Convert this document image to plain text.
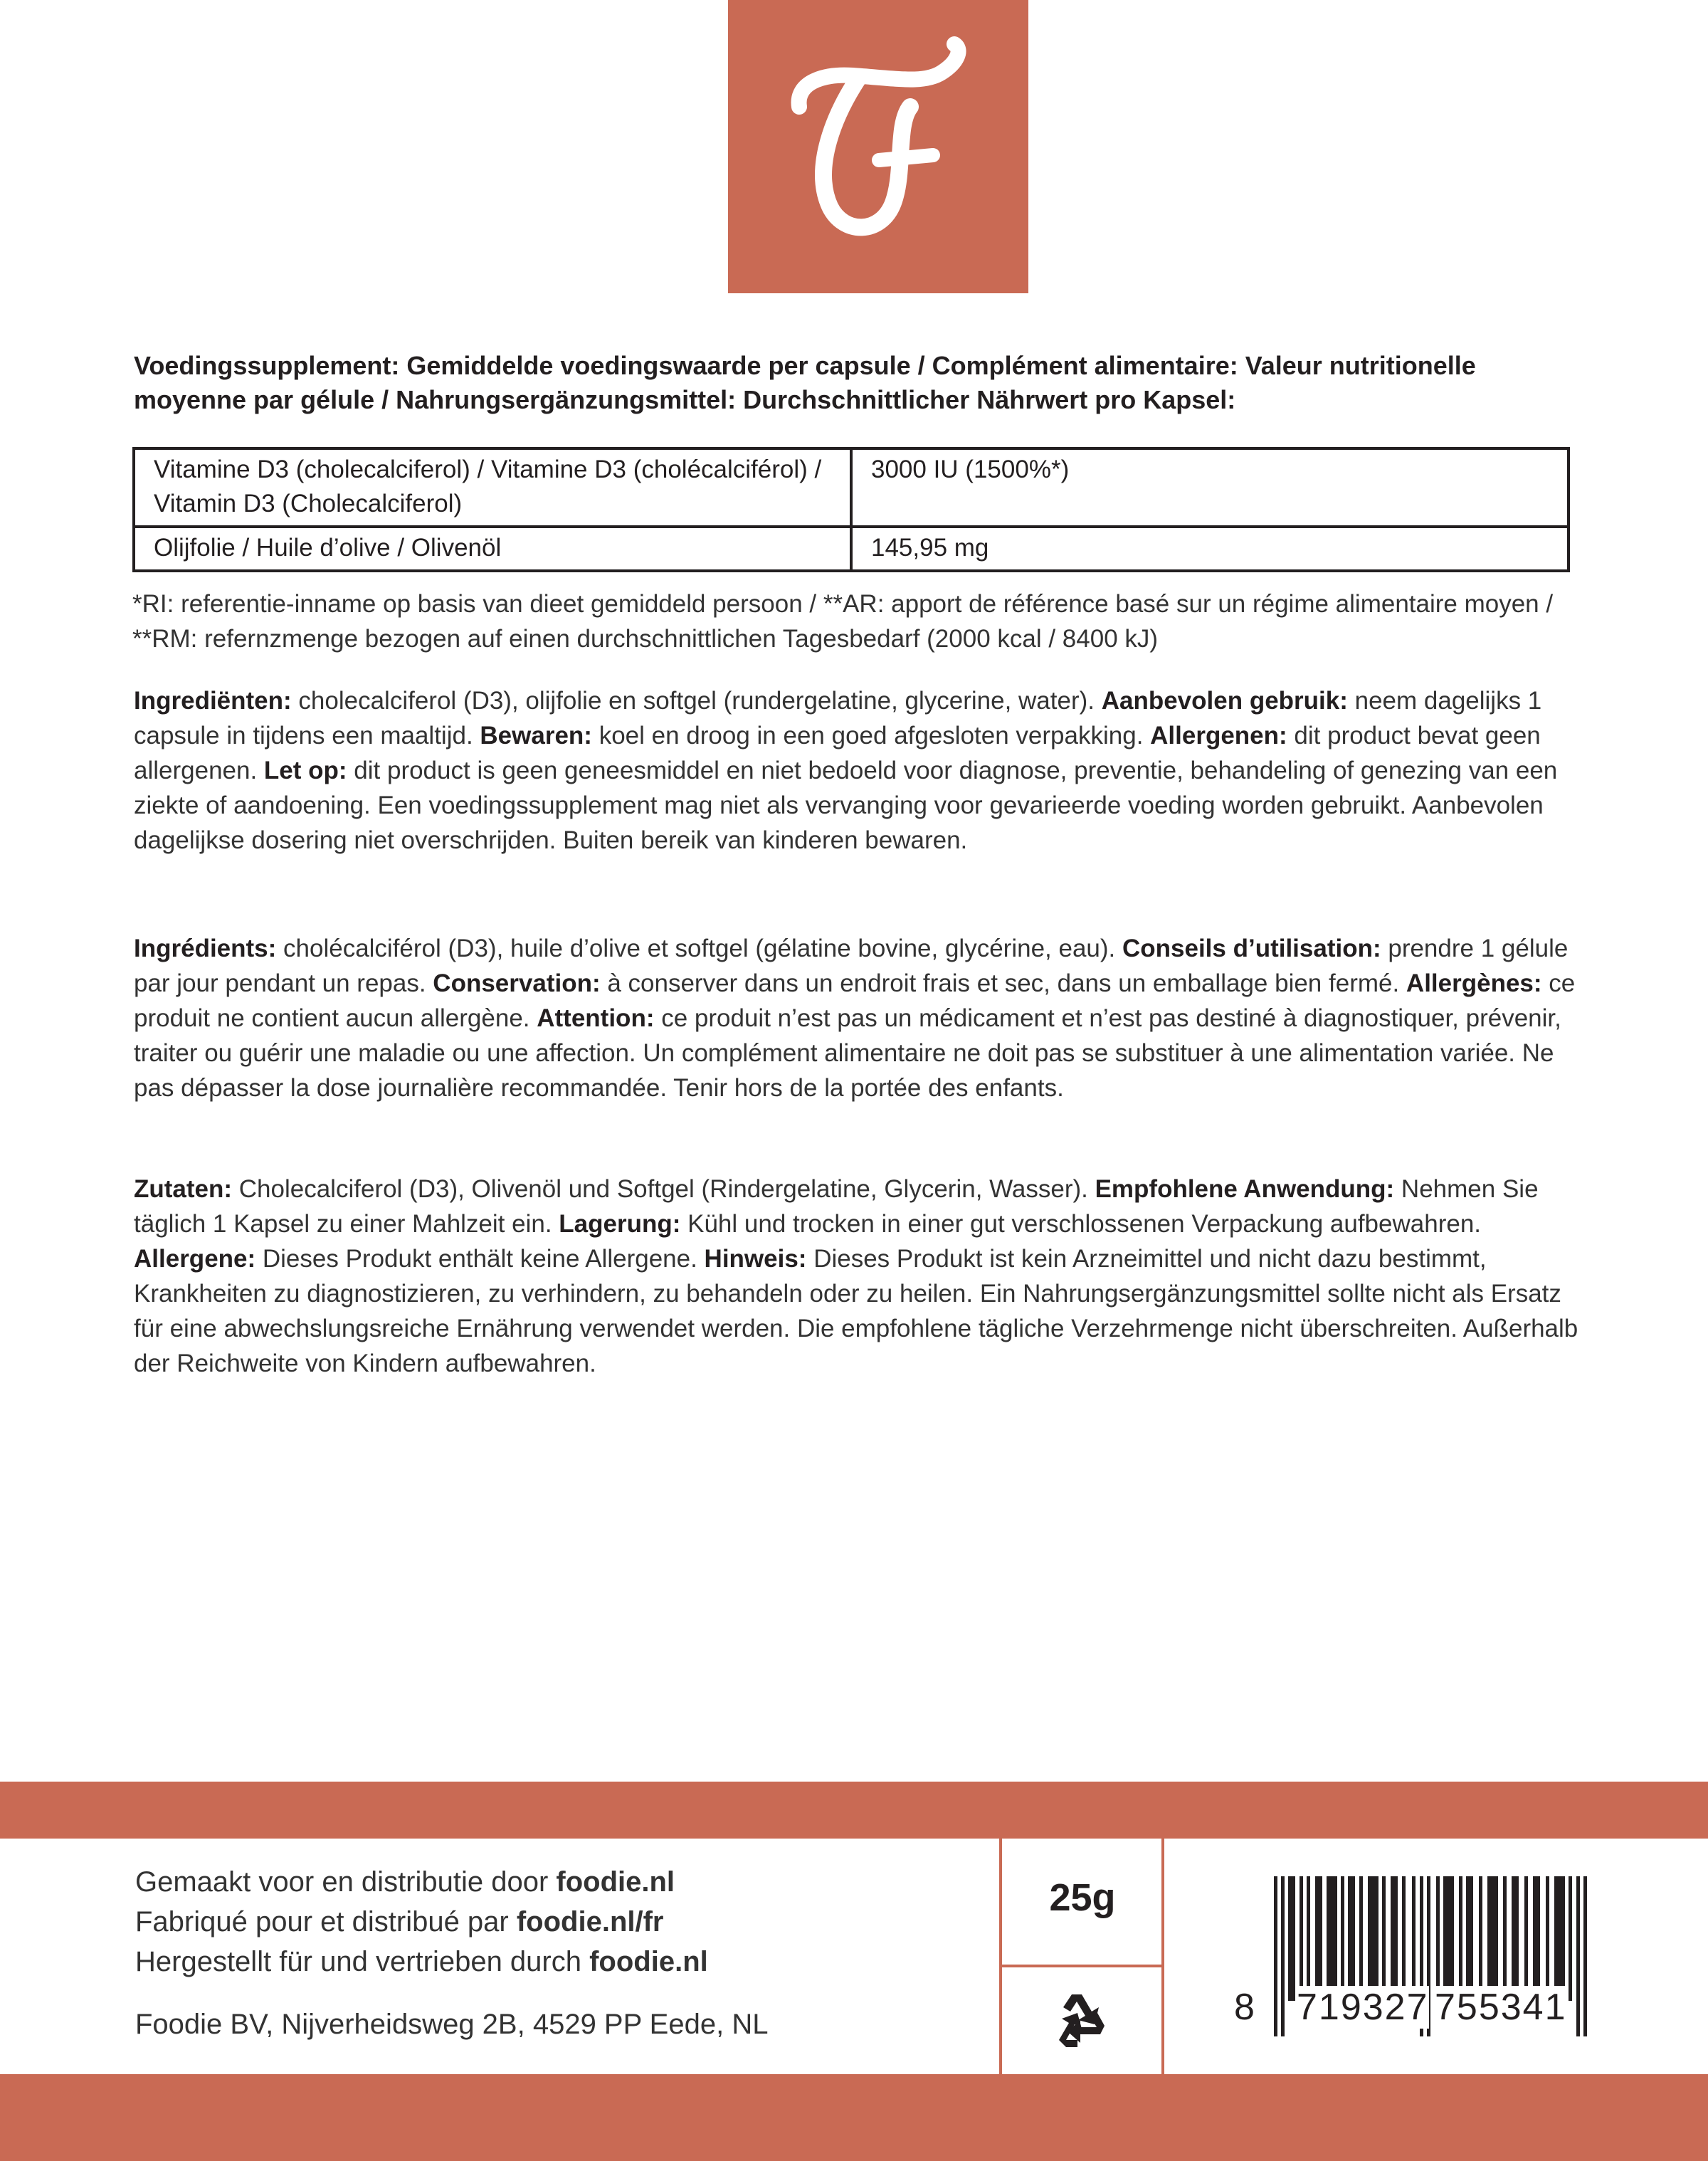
Voedingssupplement: Gemiddelde voedingswaarde per capsule / Complément alimentaire: Valeur nutritionelle moyenne par gélule / Nahrungsergänzungsmittel: Durchschnittlicher Nährwert pro Kapsel:
Vitamine D3 (cholecalciferol) / Vitamine D3 (cholécalciférol) / Vitamin D3 (Cholecalciferol)	3000 IU (1500%*)
Olijfolie / Huile d’olive / Olivenöl	145,95 mg
*RI: referentie-inname op basis van dieet gemiddeld persoon / **AR: apport de référence basé sur un régime alimentaire moyen / **RM: refernzmenge bezogen auf einen durchschnittlichen Tagesbedarf (2000 kcal / 8400 kJ)
Ingrediënten: cholecalciferol (D3), olijfolie en softgel (rundergelatine, glycerine, water). Aanbevolen gebruik: neem dagelijks 1 capsule in tijdens een maaltijd. Bewaren: koel en droog in een goed afgesloten verpakking. Allergenen: dit product bevat geen allergenen. Let op: dit product is geen geneesmiddel en niet bedoeld voor diagnose, preventie, behandeling of genezing van een ziekte of aandoening. Een voedingssupplement mag niet als vervanging voor gevarieerde voeding worden gebruikt. Aanbevolen dagelijkse dosering niet overschrijden. Buiten bereik van kinderen bewaren.
Ingrédients: cholécalciférol (D3), huile d’olive et softgel (gélatine bovine, glycérine, eau). Conseils d’utilisation: prendre 1 gélule par jour pendant un repas. Conservation: à conserver dans un endroit frais et sec, dans un emballage bien fermé. Allergènes: ce produit ne contient aucun allergène. Attention: ce produit n’est pas un médicament et n’est pas destiné à diagnostiquer, prévenir, traiter ou guérir une maladie ou une affection. Un complément alimentaire ne doit pas se substituer à une alimentation variée. Ne pas dépasser la dose journalière recommandée. Tenir hors de la portée des enfants.
Zutaten: Cholecalciferol (D3), Olivenöl und Softgel (Rindergelatine, Glycerin, Wasser). Empfohlene Anwendung: Nehmen Sie täglich 1 Kapsel zu einer Mahlzeit ein. Lagerung: Kühl und trocken in einer gut verschlossenen Verpackung aufbewahren. Allergene: Dieses Produkt enthält keine Allergene. Hinweis: Dieses Produkt ist kein Arzneimittel und nicht dazu bestimmt, Krankheiten zu diagnostizieren, zu verhindern, zu behandeln oder zu heilen. Ein Nahrungsergänzungsmittel sollte nicht als Ersatz für eine abwechslungsreiche Ernährung verwendet werden. Die empfohlene tägliche Verzehrmenge nicht überschreiten. Außerhalb der Reichweite von Kindern aufbewahren.
Gemaakt voor en distributie door foodie.nl
Fabriqué pour et distribué par foodie.nl/fr
Hergestellt für und vertrieben durch foodie.nl
Foodie BV, Nijverheidsweg 2B, 4529 PP Eede, NL
25g
8 719327 755341
